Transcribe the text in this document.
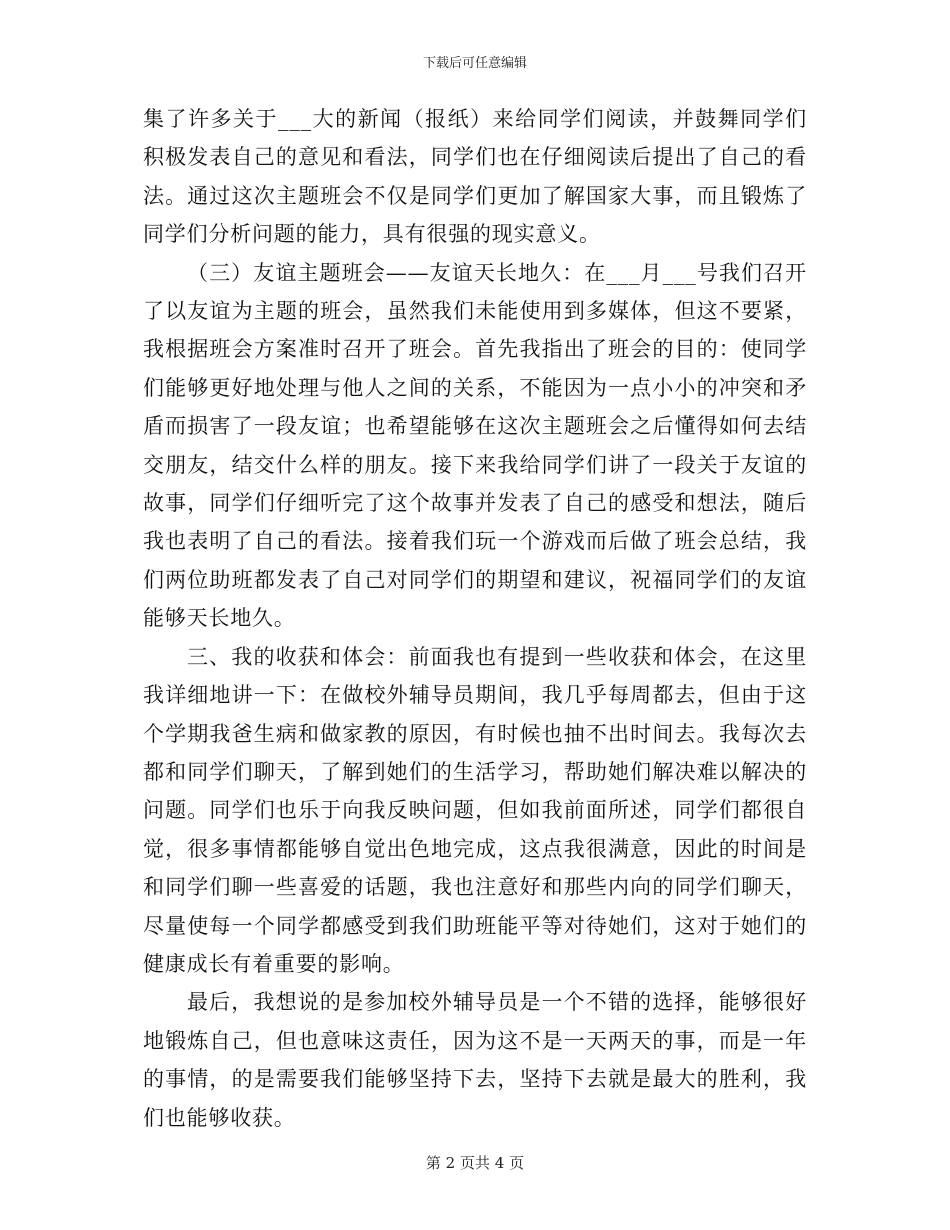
下载后可任意编辑

集了许多关于___大的新闻（报纸）来给同学们阅读，并鼓舞同学们积极发表自己的意见和看法，同学们也在仔细阅读后提出了自己的看法。通过这次主题班会不仅是同学们更加了解国家大事，而且锻炼了同学们分析问题的能力，具有很强的现实意义。

（三）友谊主题班会——友谊天长地久：在___月___号我们召开了以友谊为主题的班会，虽然我们未能使用到多媒体，但这不要紧，我根据班会方案准时召开了班会。首先我指出了班会的目的：使同学们能够更好地处理与他人之间的关系，不能因为一点小小的冲突和矛盾而损害了一段友谊；也希望能够在这次主题班会之后懂得如何去结交朋友，结交什么样的朋友。接下来我给同学们讲了一段关于友谊的故事，同学们仔细听完了这个故事并发表了自己的感受和想法，随后我也表明了自己的看法。接着我们玩一个游戏而后做了班会总结，我们两位助班都发表了自己对同学们的期望和建议，祝福同学们的友谊能够天长地久。

三、我的收获和体会：前面我也有提到一些收获和体会，在这里我详细地讲一下：在做校外辅导员期间，我几乎每周都去，但由于这个学期我爸生病和做家教的原因，有时候也抽不出时间去。我每次去都和同学们聊天，了解到她们的生活学习，帮助她们解决难以解决的问题。同学们也乐于向我反映问题，但如我前面所述，同学们都很自觉，很多事情都能够自觉出色地完成，这点我很满意，因此的时间是和同学们聊一些喜爱的话题，我也注意好和那些内向的同学们聊天，尽量使每一个同学都感受到我们助班能平等对待她们，这对于她们的健康成长有着重要的影响。

最后，我想说的是参加校外辅导员是一个不错的选择，能够很好地锻炼自己，但也意味这责任，因为这不是一天两天的事，而是一年的事情，的是需要我们能够坚持下去，坚持下去就是最大的胜利，我们也能够收获。

第 2 页共 4 页
